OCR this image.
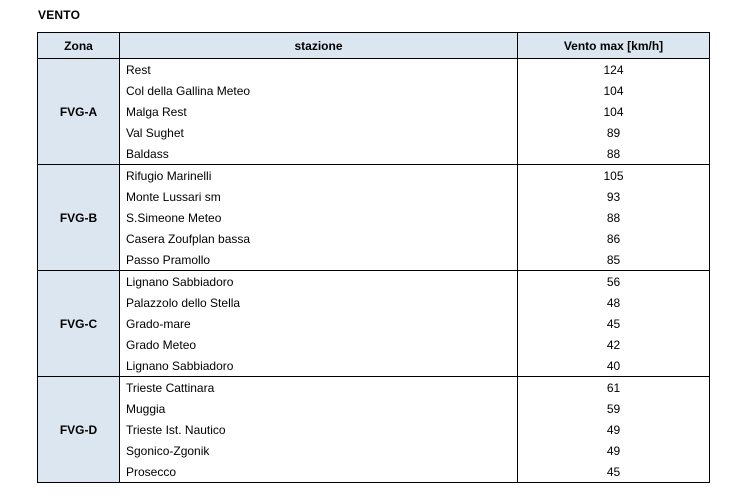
VENTO
Zona	stazione	Vento max [km/h]
FVG-A	Rest	124
	Col della Gallina Meteo	104
	Malga Rest	104
	Val Sughet	89
	Baldass	88
FVG-B	Rifugio Marinelli	105
	Monte Lussari sm	93
	S.Simeone Meteo	88
	Casera Zoufplan bassa	86
	Passo Pramollo	85
FVG-C	Lignano Sabbiadoro	56
	Palazzolo dello Stella	48
	Grado-mare	45
	Grado Meteo	42
	Lignano Sabbiadoro	40
FVG-D	Trieste Cattinara	61
	Muggia	59
	Trieste Ist. Nautico	49
	Sgonico-Zgonik	49
	Prosecco	45
